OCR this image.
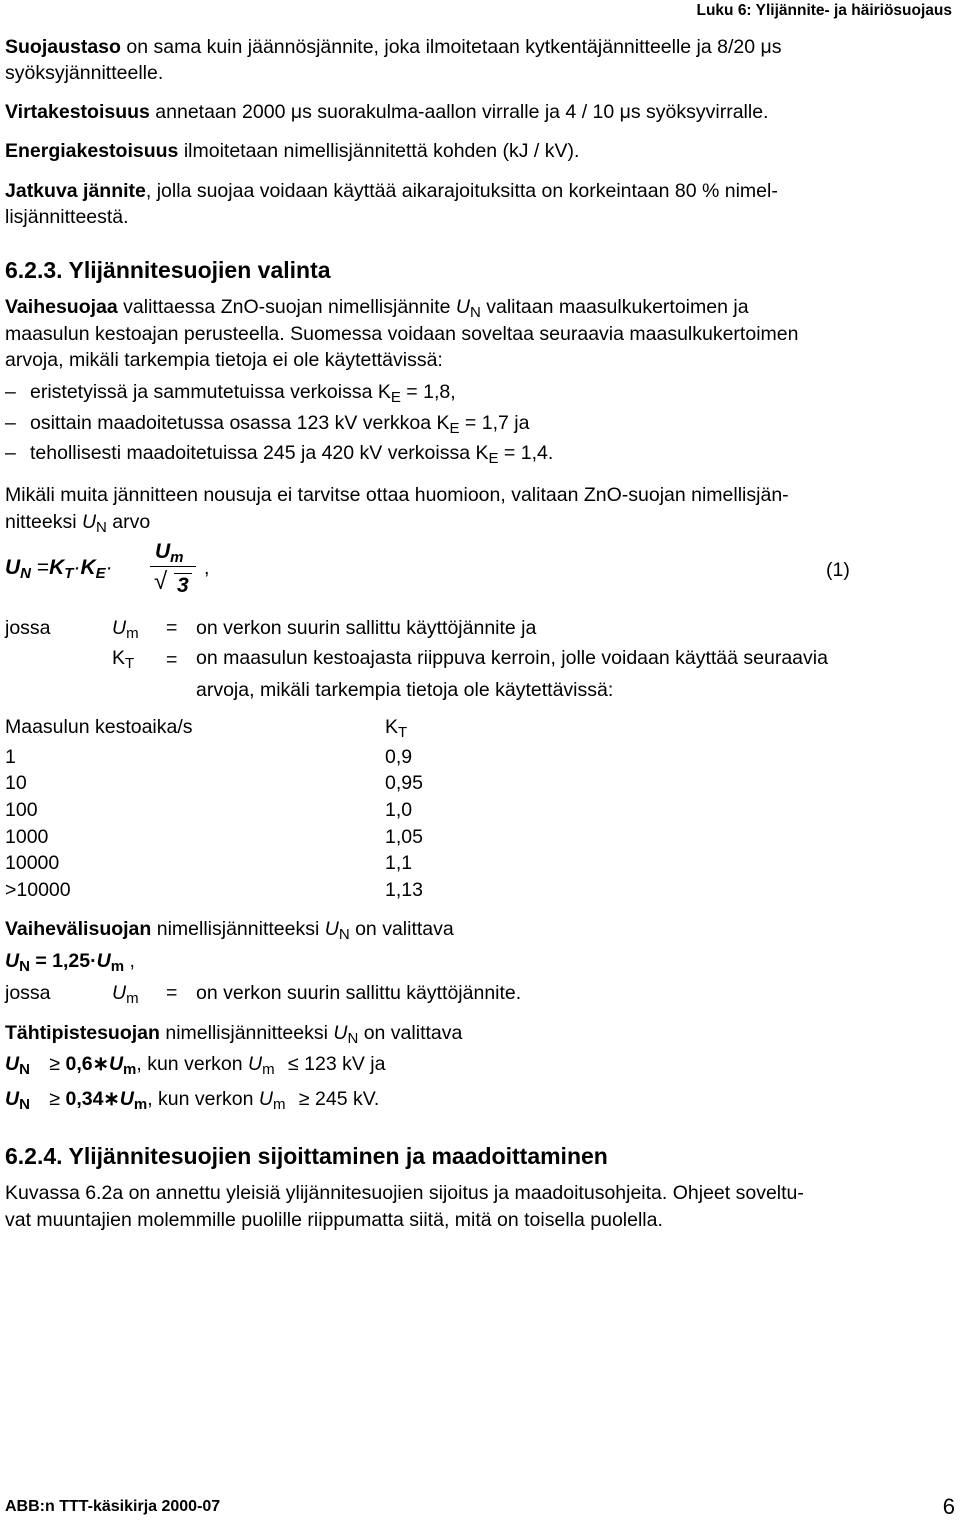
Luku 6: Ylijännite- ja häiriösuojaus
Suojaustaso on sama kuin jäännösjännite, joka ilmoitetaan kytkentäjännitteelle ja 8/20 μs
syöksyjännitteelle.
Virtakestoisuus annetaan 2000 μs suorakulma-aallon virralle ja 4 / 10 μs syöksyvirralle.
Energiakestoisuus ilmoitetaan nimellisjännitettä kohden (kJ / kV).
Jatkuva jännite, jolla suojaa voidaan käyttää aikarajoituksitta on korkeintaan 80 % nimel-
lisjännitteestä.
6.2.3. Ylijännitesuojien valinta
Vaihesuojaa valittaessa ZnO-suojan nimellisjännite $U_N$ valitaan maasulkukertoimen ja
maasulun kestoajan perusteella. Suomessa voidaan soveltaa seuraavia maasulkukertoimen
arvoja, mikäli tarkempia tietoja ei ole käytettävissä:
– eristetyissä ja sammutetuissa verkoissa $K_E = 1,8$,
– osittain maadoitetussa osassa 123 kV verkkoa $K_E = 1,7$ ja
– tehollisesti maadoitetuissa 245 ja 420 kV verkoissa $K_E = 1,4$.
Mikäli muita jännitteen nousuja ei tarvitse ottaa huomioon, valitaan ZnO-suojan nimellisjän-
nitteeksi $U_N$ arvo
UN =KT·KE·
Um
√ 3
,	(1)
jossa	$U_m$ = on verkon suurin sallittu käyttöjännite ja
$K_T$ = on maasulun kestoajasta riippuva kerroin, jolle voidaan käyttää seuraavia
arvoja, mikäli tarkempia tietoja ole käytettävissä:
Maasulun kestoaika/s	$K_T$
1	0,9
10	0,95
100	1,0
1000	1,05
10000	1,1
>10000	1,13
Vaihevälisuojan nimellisjännitteeksi $U_N$ on valittava
$U_N = 1,25\cdot U_m$ ,
jossa	$U_m$ = on verkon suurin sallittu käyttöjännite.
Tähtipistesuojan nimellisjännitteeksi $U_N$ on valittava
$U_N$ ≥ $0,6∗U_m$, kun verkon $U_m \le 123$ kV ja
$U_N$ ≥ $0,34∗U_m$, kun verkon $U_m \ge 245$ kV.
6.2.4. Ylijännitesuojien sijoittaminen ja maadoittaminen
Kuvassa 6.2a on annettu yleisiä ylijännitesuojien sijoitus ja maadoitusohjeita. Ohjeet soveltu-
vat muuntajien molemmille puolille riippumatta siitä, mitä on toisella puolella.
ABB:n TTT-käsikirja 2000-07	6
